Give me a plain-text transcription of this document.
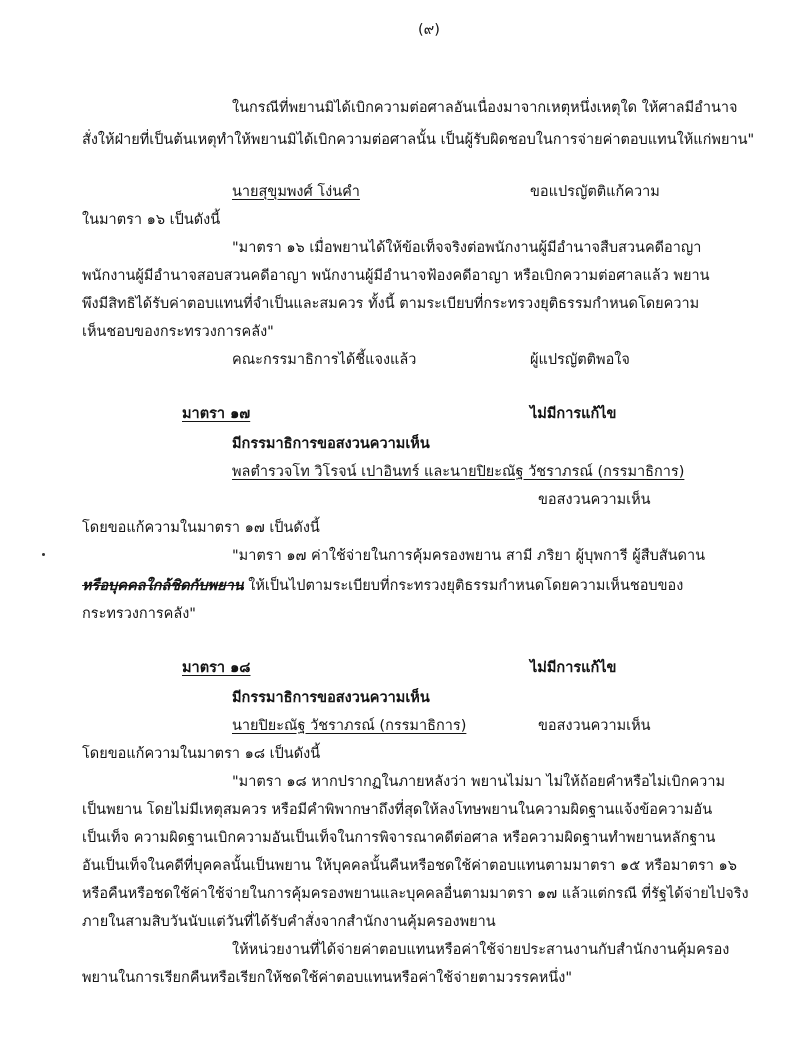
(๙)
ในกรณีที่พยานมิได้เบิกความต่อศาลอันเนื่องมาจากเหตุหนึ่งเหตุใด ให้ศาลมีอำนาจ
สั่งให้ฝ่ายที่เป็นต้นเหตุทำให้พยานมิได้เบิกความต่อศาลนั้น เป็นผู้รับผิดชอบในการจ่ายค่าตอบแทนให้แก่พยาน"
นายสุขุมพงศ์ โง่นคำ	ขอแปรญัตติแก้ความ
ในมาตรา ๑๖ เป็นดังนี้
"มาตรา ๑๖ เมื่อพยานได้ให้ข้อเท็จจริงต่อพนักงานผู้มีอำนาจสืบสวนคดีอาญา
พนักงานผู้มีอำนาจสอบสวนคดีอาญา พนักงานผู้มีอำนาจฟ้องคดีอาญา หรือเบิกความต่อศาลแล้ว พยาน
พึงมีสิทธิได้รับค่าตอบแทนที่จำเป็นและสมควร ทั้งนี้ ตามระเบียบที่กระทรวงยุติธรรมกำหนดโดยความ
เห็นชอบของกระทรวงการคลัง"
คณะกรรมาธิการได้ชี้แจงแล้ว	ผู้แปรญัตติพอใจ
มาตรา ๑๗	ไม่มีการแก้ไข
มีกรรมาธิการขอสงวนความเห็น
พลตำรวจโท วิโรจน์ เปาอินทร์ และนายปิยะณัฐ วัชราภรณ์ (กรรมาธิการ)
ขอสงวนความเห็น
โดยขอแก้ความในมาตรา ๑๗ เป็นดังนี้
"มาตรา ๑๗ ค่าใช้จ่ายในการคุ้มครองพยาน สามี ภริยา ผู้บุพการี ผู้สืบสันดาน
หรือบุคคลใกล้ชิดกับพยาน ให้เป็นไปตามระเบียบที่กระทรวงยุติธรรมกำหนดโดยความเห็นชอบของ
กระทรวงการคลัง"
มาตรา ๑๘	ไม่มีการแก้ไข
มีกรรมาธิการขอสงวนความเห็น
นายปิยะณัฐ วัชราภรณ์ (กรรมาธิการ)	ขอสงวนความเห็น
โดยขอแก้ความในมาตรา ๑๘ เป็นดังนี้
"มาตรา ๑๘ หากปรากฏในภายหลังว่า พยานไม่มา ไม่ให้ถ้อยคำหรือไม่เบิกความ
เป็นพยาน โดยไม่มีเหตุสมควร หรือมีคำพิพากษาถึงที่สุดให้ลงโทษพยานในความผิดฐานแจ้งข้อความอัน
เป็นเท็จ ความผิดฐานเบิกความอันเป็นเท็จในการพิจารณาคดีต่อศาล หรือความผิดฐานทำพยานหลักฐาน
อันเป็นเท็จในคดีที่บุคคลนั้นเป็นพยาน ให้บุคคลนั้นคืนหรือชดใช้ค่าตอบแทนตามมาตรา ๑๕ หรือมาตรา ๑๖
หรือคืนหรือชดใช้ค่าใช้จ่ายในการคุ้มครองพยานและบุคคลอื่นตามมาตรา ๑๗ แล้วแต่กรณี ที่รัฐได้จ่ายไปจริง
ภายในสามสิบวันนับแต่วันที่ได้รับคำสั่งจากสำนักงานคุ้มครองพยาน
ให้หน่วยงานที่ได้จ่ายค่าตอบแทนหรือค่าใช้จ่ายประสานงานกับสำนักงานคุ้มครอง
พยานในการเรียกคืนหรือเรียกให้ชดใช้ค่าตอบแทนหรือค่าใช้จ่ายตามวรรคหนึ่ง"
